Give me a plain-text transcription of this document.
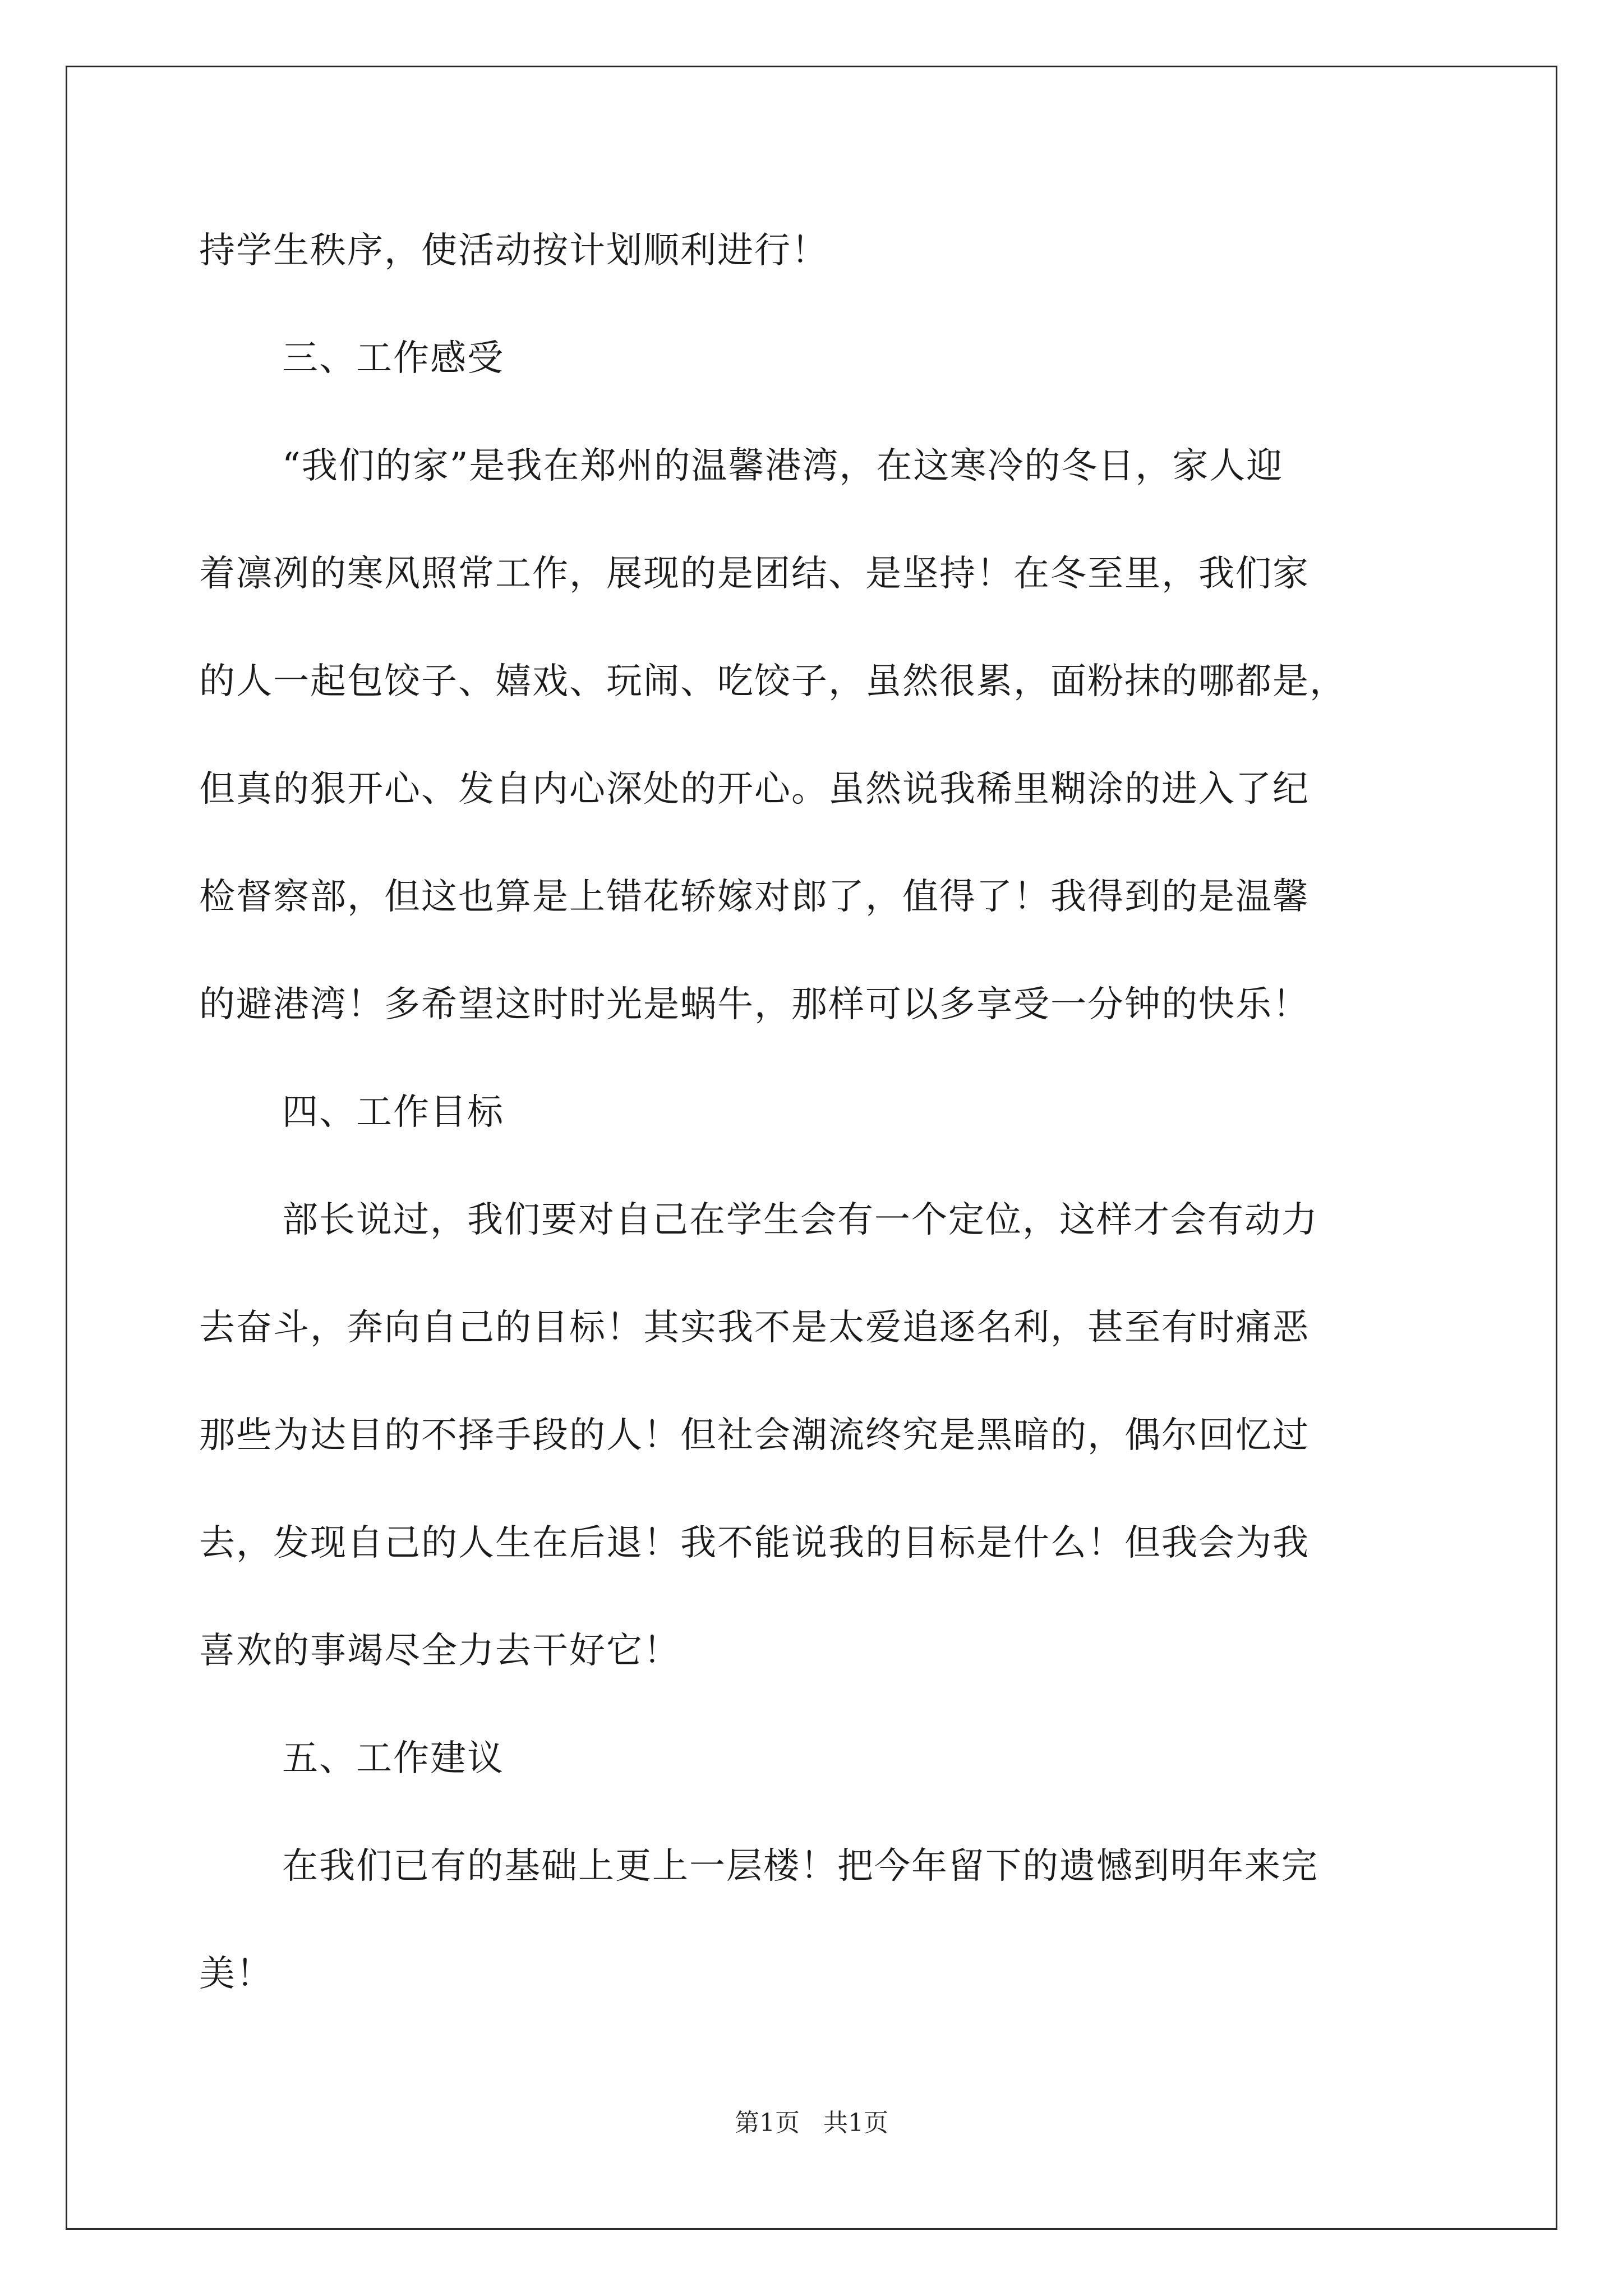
持学生秩序，使活动按计划顺利进行！
三、工作感受
“我们的家”是我在郑州的温馨港湾，在这寒冷的冬日，家人迎
着凛冽的寒风照常工作，展现的是团结、是坚持！在冬至里，我们家
的人一起包饺子、嬉戏、玩闹、吃饺子，虽然很累，面粉抹的哪都是，
但真的狠开心、发自内心深处的开心。虽然说我稀里糊涂的进入了纪
检督察部，但这也算是上错花轿嫁对郎了，值得了！我得到的是温馨
的避港湾！多希望这时时光是蜗牛，那样可以多享受一分钟的快乐！
四、工作目标
部长说过，我们要对自己在学生会有一个定位，这样才会有动力
去奋斗，奔向自己的目标！其实我不是太爱追逐名利，甚至有时痛恶
那些为达目的不择手段的人！但社会潮流终究是黑暗的，偶尔回忆过
去，发现自己的人生在后退！我不能说我的目标是什么！但我会为我
喜欢的事竭尽全力去干好它！
五、工作建议
在我们已有的基础上更上一层楼！把今年留下的遗憾到明年来完
美！
第1页   共1页
